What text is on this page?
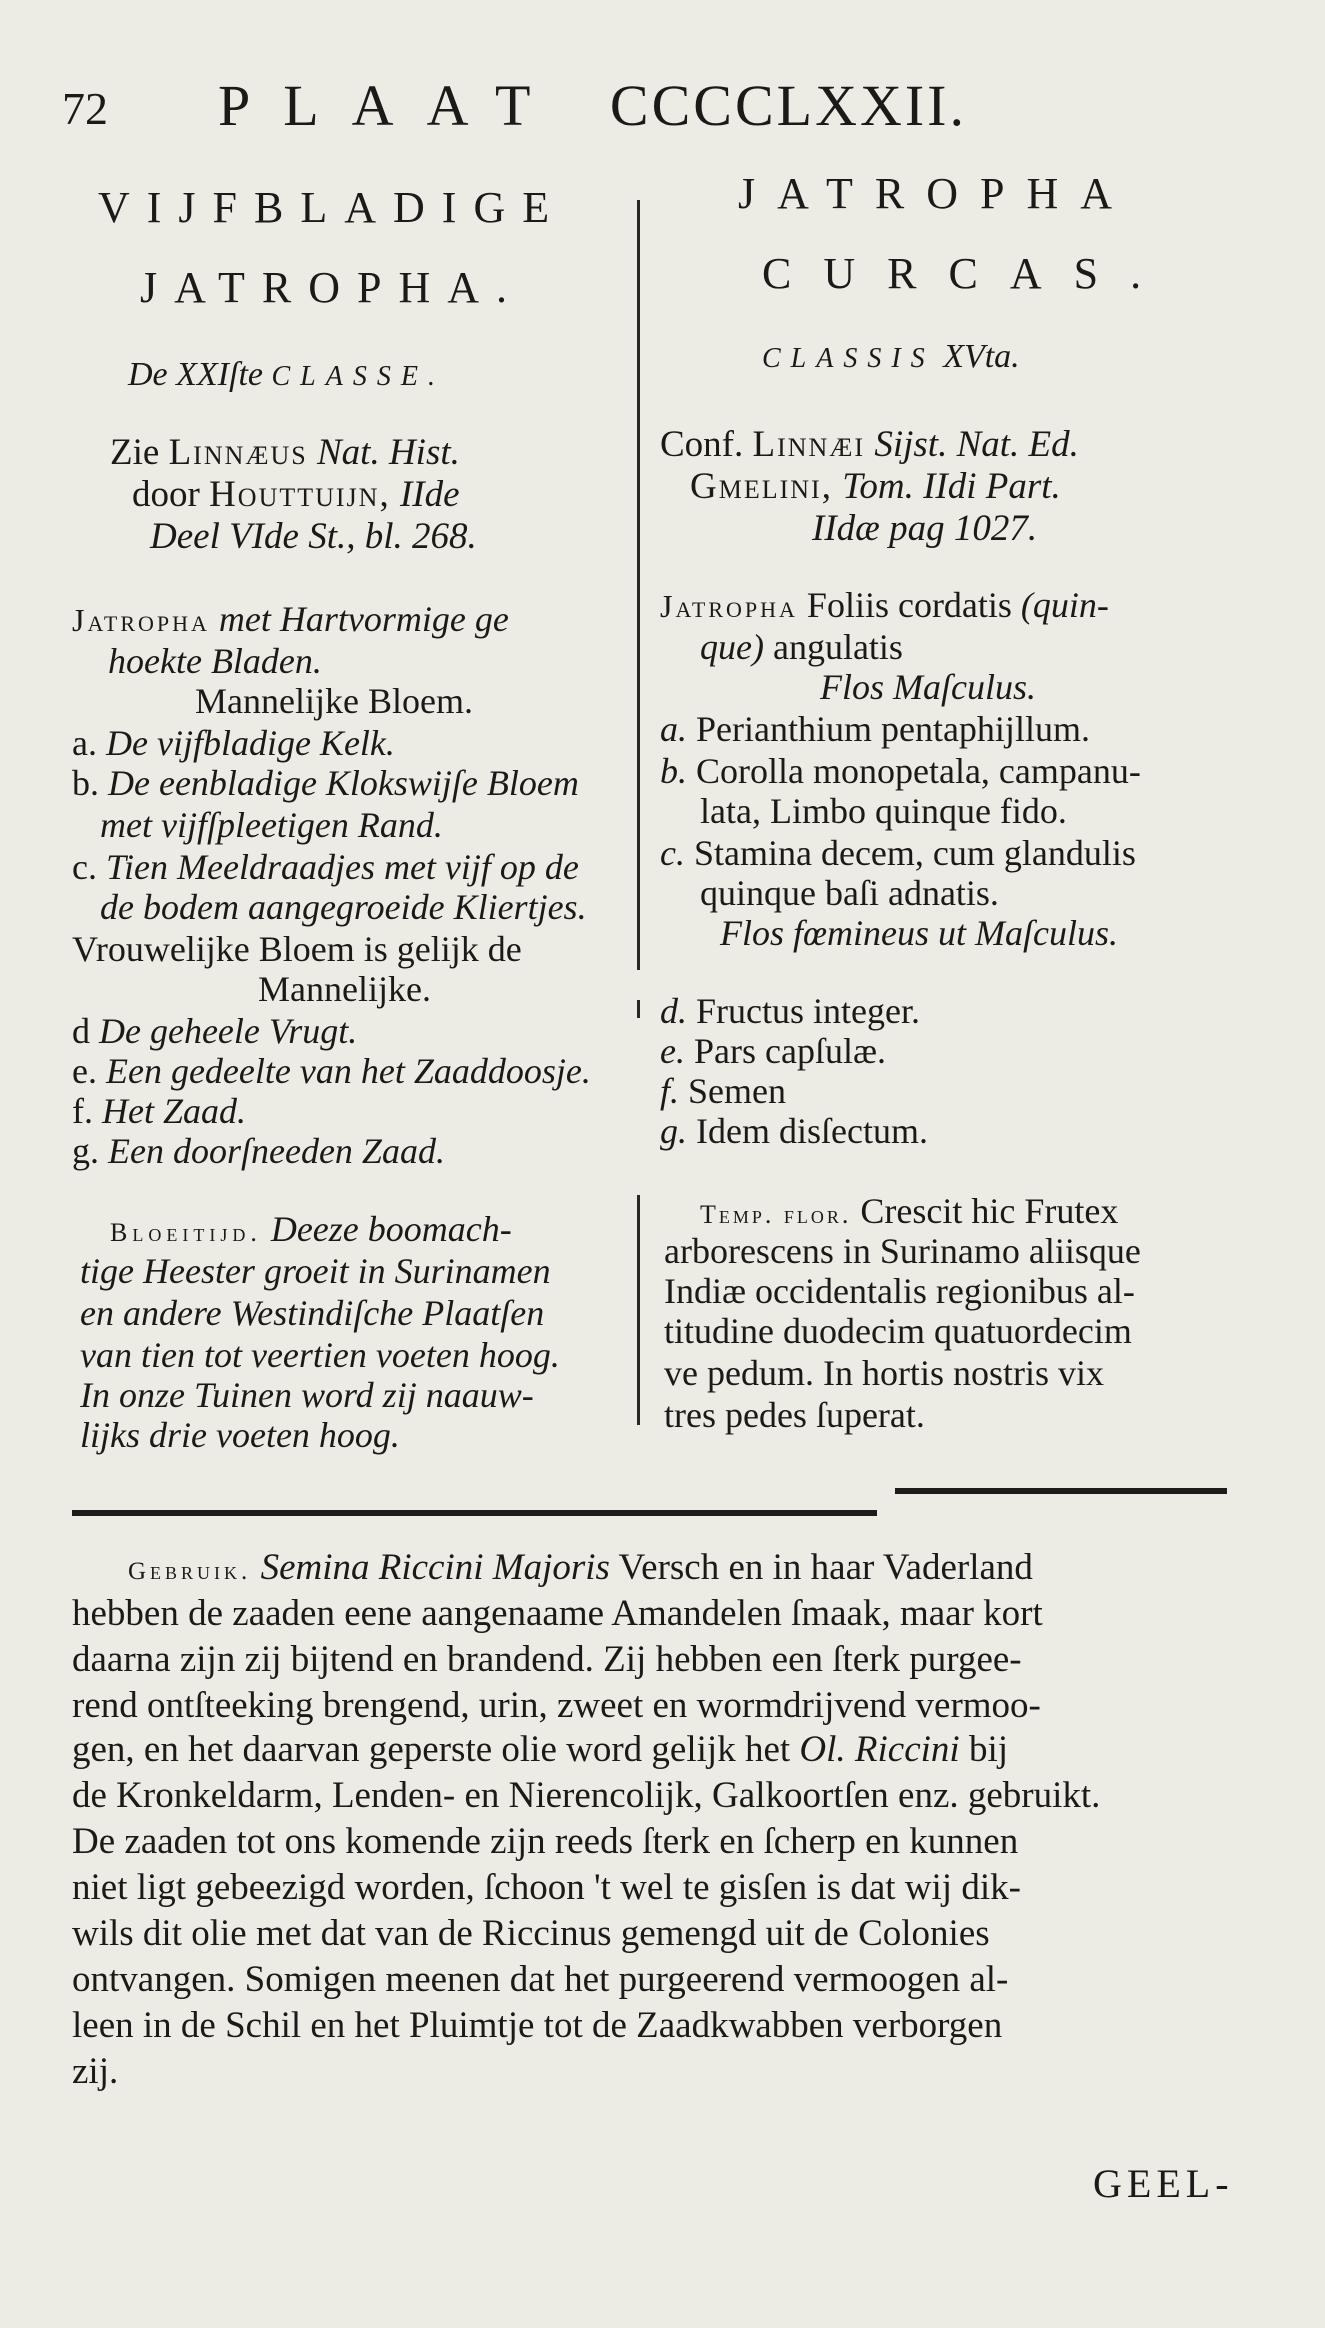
72 PLAAT CCCCLXXII.
VIJFBLADIGE
JATROPHA.
JATROPHA
CURCAS.
De XXIſte CLASSE.
CLASSIS XVta.
Zie Linnæus Nat. Hist.
door Houttuijn, IIde
Deel VIde St., bl. 268.
Conf. Linnæi Sijst. Nat. Ed.
Gmelini, Tom. IIdi Part.
IIdæ pag 1027.
Jatropha met Hartvormige ge
hoekte Bladen.
Mannelijke Bloem.
a. De vijfbladige Kelk.
b. De eenbladige Klokswijſe Bloem
met vijfſpleetigen Rand.
c. Tien Meeldraadjes met vijf op de
de bodem aangegroeide Kliertjes.
Vrouwelijke Bloem is gelijk de
Mannelijke.
d De geheele Vrugt.
e. Een gedeelte van het Zaaddoosje.
f. Het Zaad.
g. Een doorſneeden Zaad.
Bloeitijd. Deeze boomach-
tige Heester groeit in Surinamen
en andere Westindiſche Plaatſen
van tien tot veertien voeten hoog.
In onze Tuinen word zij naauw-
lijks drie voeten hoog.
Jatropha Foliis cordatis (quin-
que) angulatis
Flos Maſculus.
a. Perianthium pentaphijllum.
b. Corolla monopetala, campanu-
lata, Limbo quinque fido.
c. Stamina decem, cum glandulis
quinque baſi adnatis.
Flos fœmineus ut Maſculus.
d. Fructus integer.
e. Pars capſulæ.
f. Semen
g. Idem disſectum.
Temp. flor. Crescit hic Frutex
arborescens in Surinamo aliisque
Indiæ occidentalis regionibus al-
titudine duodecim quatuordecim
ve pedum. In hortis nostris vix
tres pedes ſuperat.
Gebruik. Semina Riccini Majoris Versch en in haar Vaderland
hebben de zaaden eene aangenaame Amandelen ſmaak, maar kort
daarna zijn zij bijtend en brandend. Zij hebben een ſterk purgee-
rend ontſteeking brengend, urin, zweet en wormdrijvend vermoo-
gen, en het daarvan geperste olie word gelijk het Ol. Riccini bij
de Kronkeldarm, Lenden- en Nierencolijk, Galkoortſen enz. gebruikt.
De zaaden tot ons komende zijn reeds ſterk en ſcherp en kunnen
niet ligt gebeezigd worden, ſchoon 't wel te gisſen is dat wij dik-
wils dit olie met dat van de Riccinus gemengd uit de Colonies
ontvangen. Somigen meenen dat het purgeerend vermoogen al-
leen in de Schil en het Pluimtje tot de Zaadkwabben verborgen
zij.
GEEL-
